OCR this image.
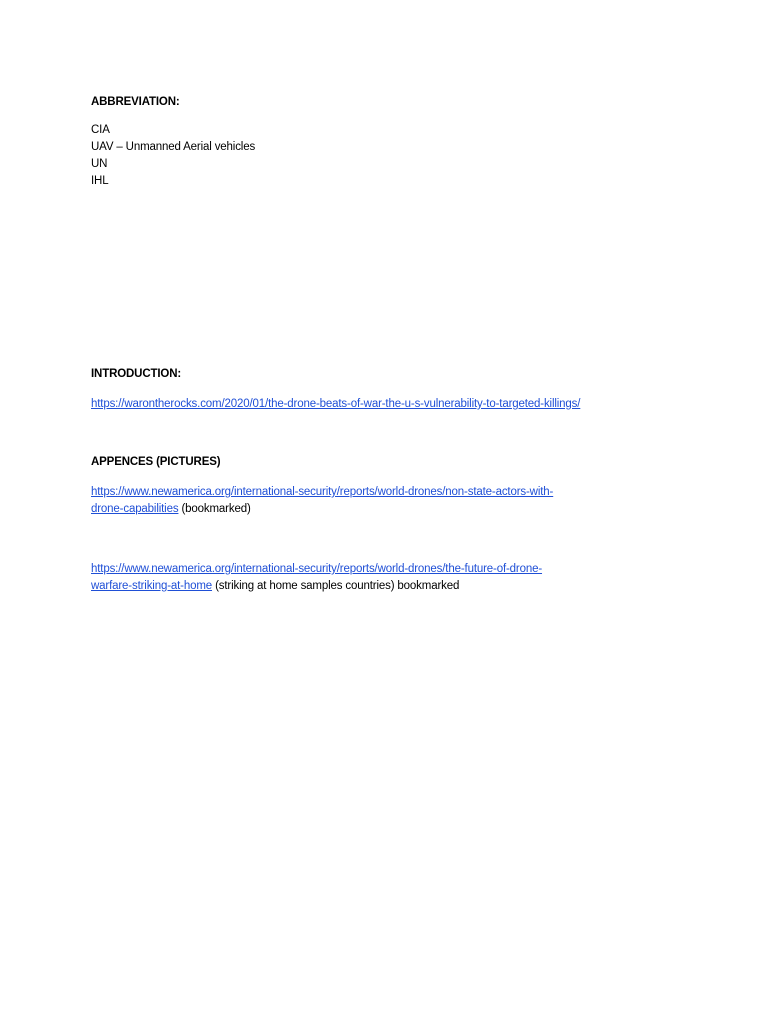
ABBREVIATION:
CIA
UAV – Unmanned Aerial vehicles
UN
IHL
INTRODUCTION:
https://warontherocks.com/2020/01/the-drone-beats-of-war-the-u-s-vulnerability-to-targeted-killings/
APPENCES (PICTURES)
https://www.newamerica.org/international-security/reports/world-drones/non-state-actors-with-
drone-capabilities (bookmarked)
https://www.newamerica.org/international-security/reports/world-drones/the-future-of-drone-
warfare-striking-at-home (striking at home samples countries) bookmarked
